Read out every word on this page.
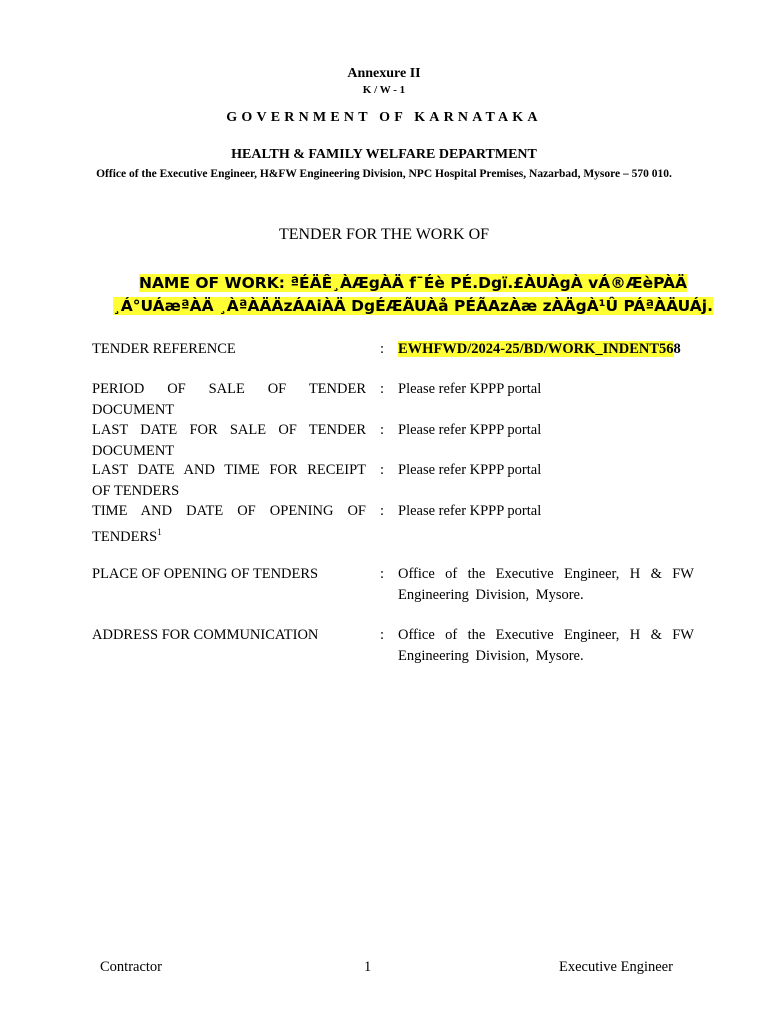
Annexure II
K / W - 1
GOVERNMENT OF KARNATAKA
HEALTH & FAMILY WELFARE DEPARTMENT
Office of the Executive Engineer, H&FW Engineering Division, NPC Hospital Premises, Nazarbad, Mysore – 570 010.
TENDER FOR THE WORK OF
NAME OF WORK: ªÉÄÊ¸ÀÆgÀÄ f¯Éè PÉ.Dgï.£ÀUÀgÀ vÁ®ÆèPÀÄ
¸Á°UÁæªÀÄ ¸ÀªÀÄÄzÁAiÀÄ DgÉÆÃUÀå PÉÃAzÀæ zÀÄgÀ¹Û PÁªÀÄUÁj.
TENDER REFERENCE	: EWHFWD/2024-25/BD/WORK_INDENT568
PERIOD OF SALE OF TENDER
DOCUMENT
: Please refer KPPP portal
LAST DATE FOR SALE OF TENDER
DOCUMENT
: Please refer KPPP portal
LAST DATE AND TIME FOR RECEIPT
OF TENDERS
: Please refer KPPP portal
TIME AND DATE OF OPENING OF
TENDERS$^1$
: Please refer KPPP portal
PLACE OF OPENING OF TENDERS	: Office of the Executive Engineer, H & FW
Engineering Division, Mysore.
ADDRESS FOR COMMUNICATION	: Office of the Executive Engineer, H & FW
Engineering Division, Mysore.
Contractor	1	Executive Engineer
